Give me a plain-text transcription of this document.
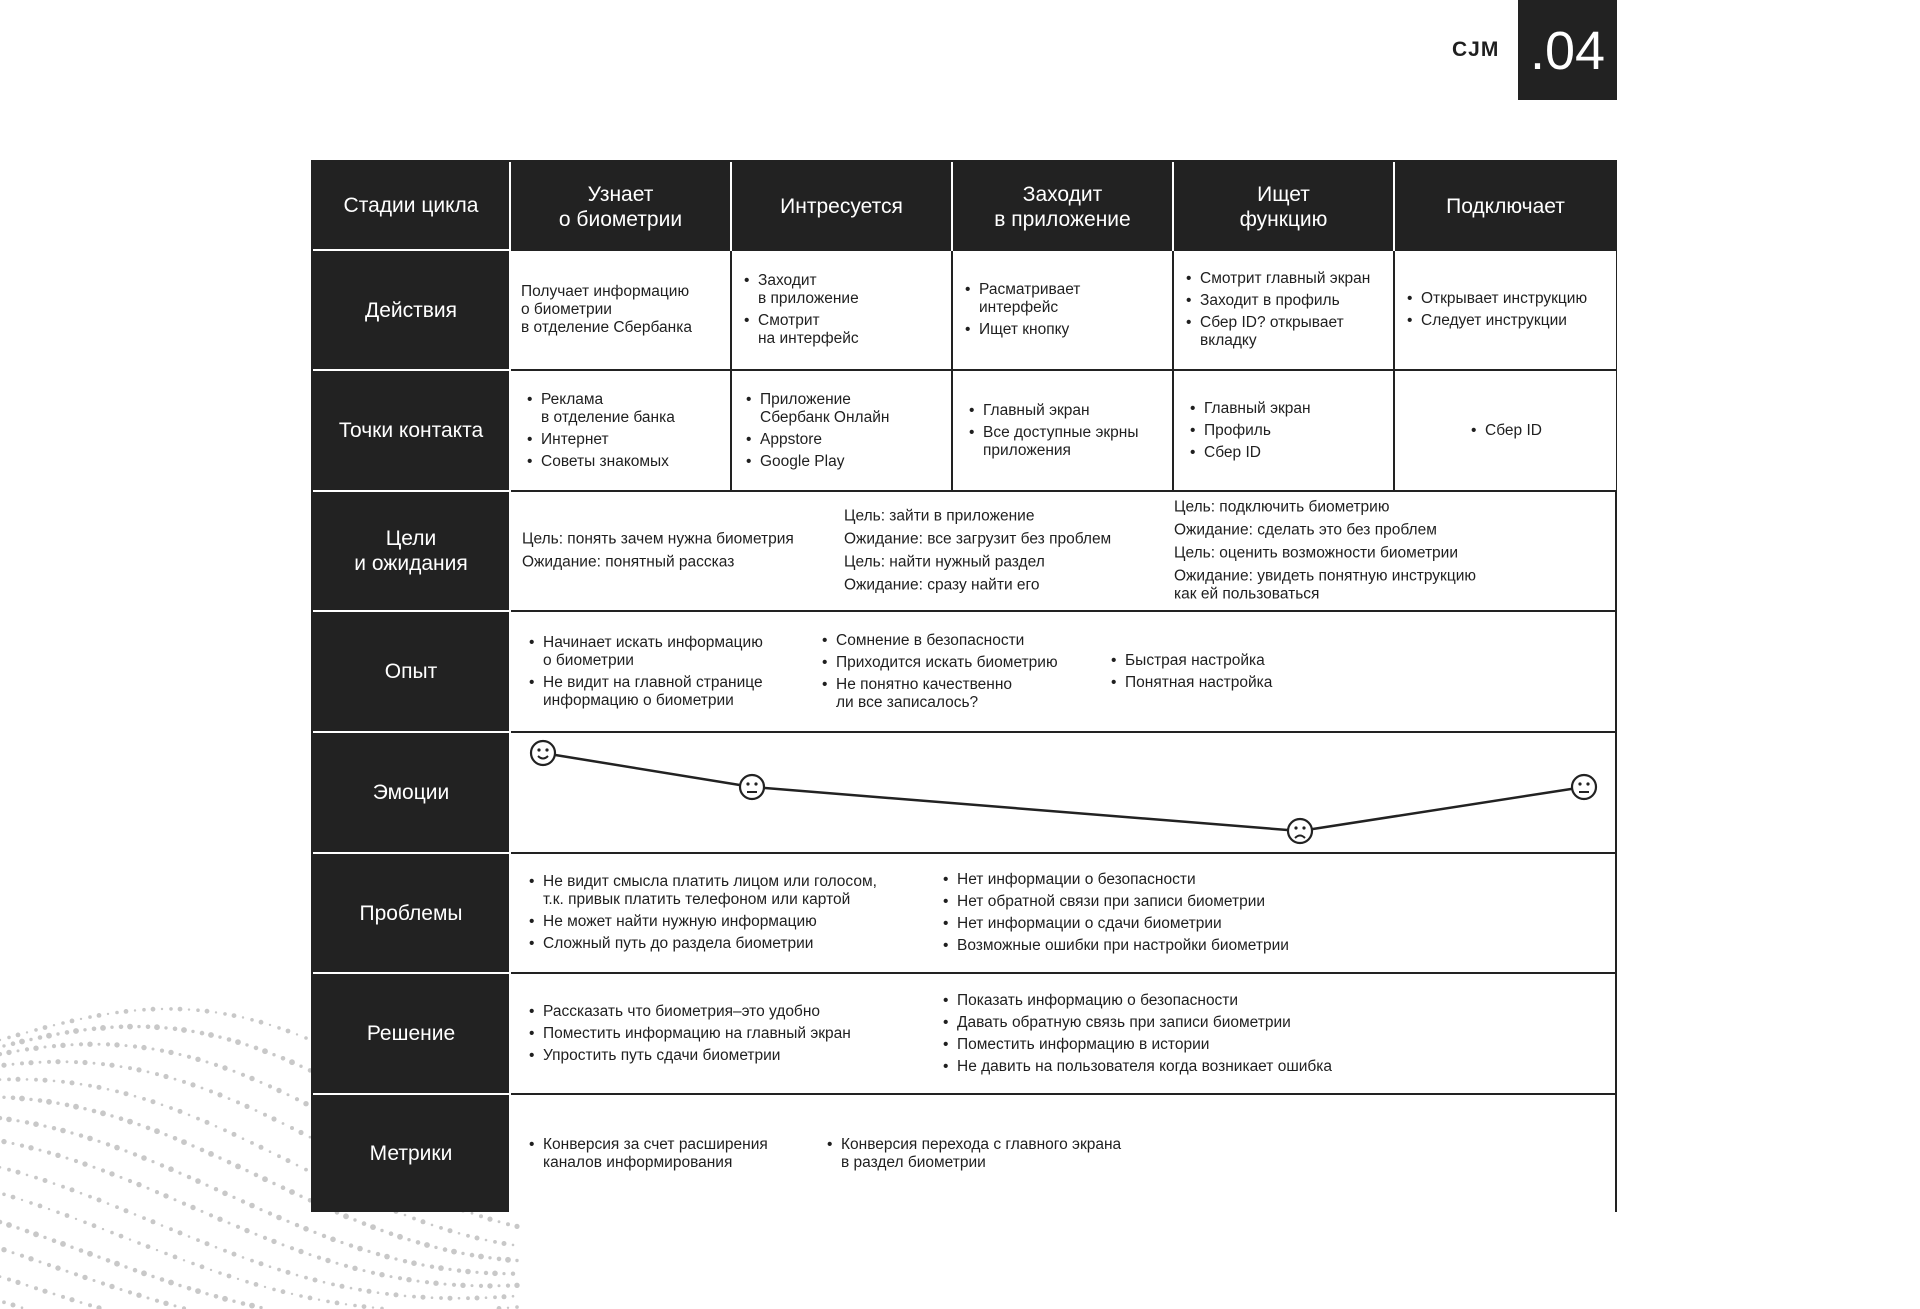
CJM .04
Стадии цикла	Узнает
о биометрии
Интресуется
Заходит
в приложение
Ищет
функцию
Подключает
Действия
Получает информацию
о биометрии
в отделение Сбербанка
• Заходит
в приложение
• Смотрит
на интерфейс
• Расматривает
интерфейс
• Ищет кнопку
• Смотрит главный экран
• Заходит в профиль
• Сбер ID? открывает
вкладку
• Открывает инструкцию
• Следует инструкции
Точки контакта
• Реклама
в отделение банка
• Интернет
• Советы знакомых
• Приложение
Сбербанк Онлайн
• Appstore
• Google Play
• Главный экран
• Все доступные экрны
приложения
• Главный экран
• Профиль
• Сбер ID
• Сбер ID
Цели
и ожидания
Цель: понять зачем нужна биометрия
Ожидание: понятный рассказ
Цель: зайти в приложение
Ожидание: все загрузит без проблем
Цель: найти нужный раздел
Ожидание: сразу найти его
Цель: подключить биометрию
Ожидание: сделать это без проблем
Цель: оценить возможности биометрии
Ожидание: увидеть понятную инструкцию
как ей пользоваться
Опыт
• Начинает искать информацию
о биометрии
• Не видит на главной странице
информацию о биометрии
• Сомнение в безопасности
• Приходится искать биометрию
• Не понятно качественно
ли все записалось?
• Быстрая настройка
• Понятная настройка
Эмоции
Проблемы
• Не видит смысла платить лицом или голосом,
т.к. привык платить телефоном или картой
• Не может найти нужную информацию
• Сложный путь до раздела биометрии
• Нет информации о безопасности
• Нет обратной связи при записи биометрии
• Нет информации о сдачи биометрии
• Возможные ошибки при настройки биометрии
Решение
• Рассказать что биометрия–это удобно
• Поместить информацию на главный экран
• Упростить путь сдачи биометрии
• Показать информацию о безопасности
• Давать обратную связь при записи биометрии
• Поместить информацию в истории
• Не давить на пользователя когда возникает ошибка
Метрики	• Конверсия за счет расширения
каналов информирования
• Конверсия перехода с главного экрана
в раздел биометрии
